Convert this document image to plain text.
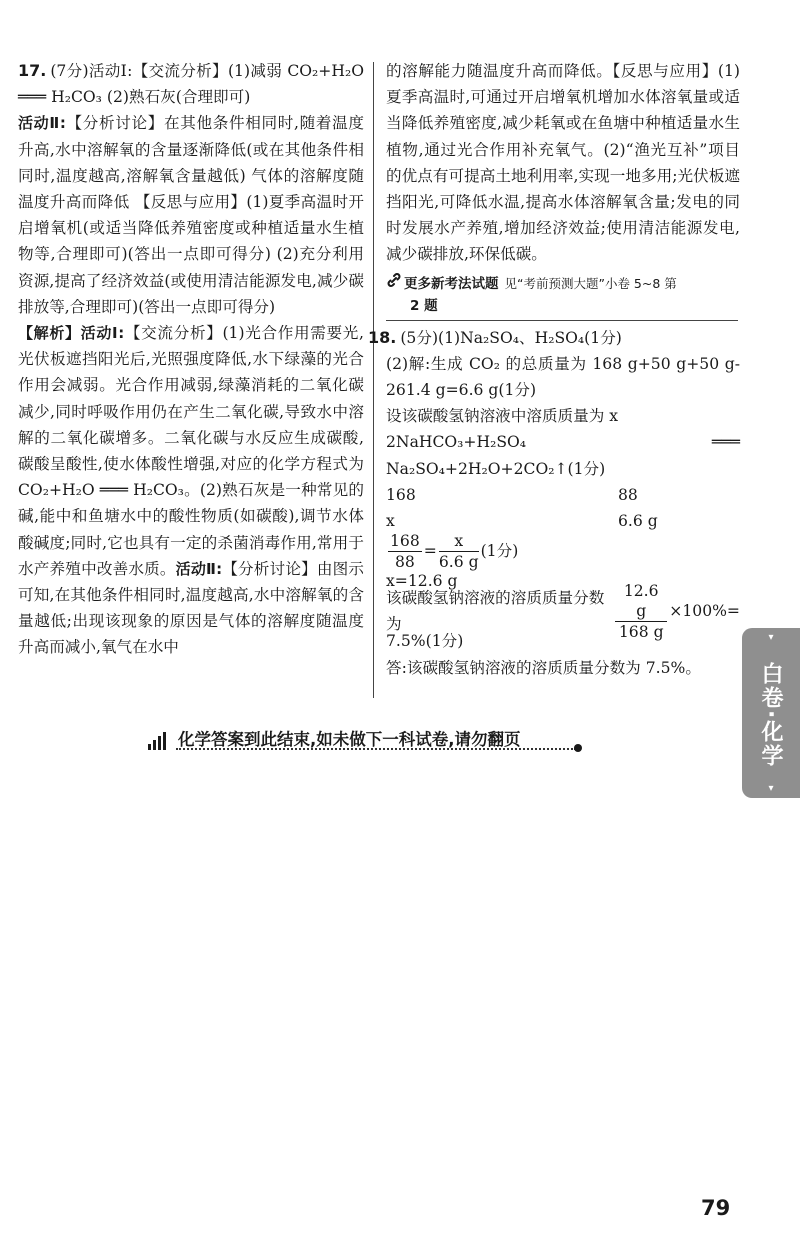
17. (7分)活动Ⅰ:【交流分析】(1)减弱 CO₂+H₂O ═══ H₂CO₃ (2)熟石灰(合理即可)

活动Ⅱ:【分析讨论】在其他条件相同时,随着温度升高,水中溶解氧的含量逐渐降低(或在其他条件相同时,温度越高,溶解氧含量越低) 气体的溶解度随温度升高而降低 【反思与应用】(1)夏季高温时开启增氧机(或适当降低养殖密度或种植适量水生植物等,合理即可)(答出一点即可得分) (2)充分利用资源,提高了经济效益(或使用清洁能源发电,减少碳排放等,合理即可)(答出一点即可得分)

【解析】活动Ⅰ:【交流分析】(1)光合作用需要光,光伏板遮挡阳光后,光照强度降低,水下绿藻的光合作用会减弱。光合作用减弱,绿藻消耗的二氧化碳减少,同时呼吸作用仍在产生二氧化碳,导致水中溶解的二氧化碳增多。二氧化碳与水反应生成碳酸,碳酸呈酸性,使水体酸性增强,对应的化学方程式为 CO₂+H₂O ═══ H₂CO₃。(2)熟石灰是一种常见的碱,能中和鱼塘水中的酸性物质(如碳酸),调节水体酸碱度;同时,它也具有一定的杀菌消毒作用,常用于水产养殖中改善水质。活动Ⅱ:【分析讨论】由图示可知,在其他条件相同时,温度越高,水中溶解氧的含量越低;出现该现象的原因是气体的溶解度随温度升高而减小,氧气在水中

的溶解能力随温度升高而降低。【反思与应用】(1)夏季高温时,可通过开启增氧机增加水体溶氧量或适当降低养殖密度,减少耗氧或在鱼塘中种植适量水生植物,通过光合作用补充氧气。(2)“渔光互补”项目的优点有可提高土地利用率,实现一地多用;光伏板遮挡阳光,可降低水温,提高水体溶解氧含量;发电的同时发展水产养殖,增加经济效益;使用清洁能源发电,减少碳排放,环保低碳。

更多新考法试题 见“考前预测大题”小卷 5~8 第
2 题

18. (5分)(1)Na₂SO₄、H₂SO₄(1分)

(2)解:生成 CO₂ 的总质量为 168 g+50 g+50 g-261.4 g=6.6 g(1分)

设该碳酸氢钠溶液中溶质质量为 x

2NaHCO₃+H₂SO₄ ═══ Na₂SO₄+2H₂O+2CO₂↑(1分)

168	88
x	6.6 g
$\frac{168}{88} = \frac{x}{6.6 g} (1$分)

x=12.6 g

该碳酸氢钠溶液的溶质质量分数为	$\frac{12.6 g}{168 g} \times 100\%=$

7.5%(1分)

答:该碳酸氢钠溶液的溶质质量分数为 7.5%。

化学答案到此结束,如未做下一科试卷,请勿翻页
▾
白卷·化学
▾
79
